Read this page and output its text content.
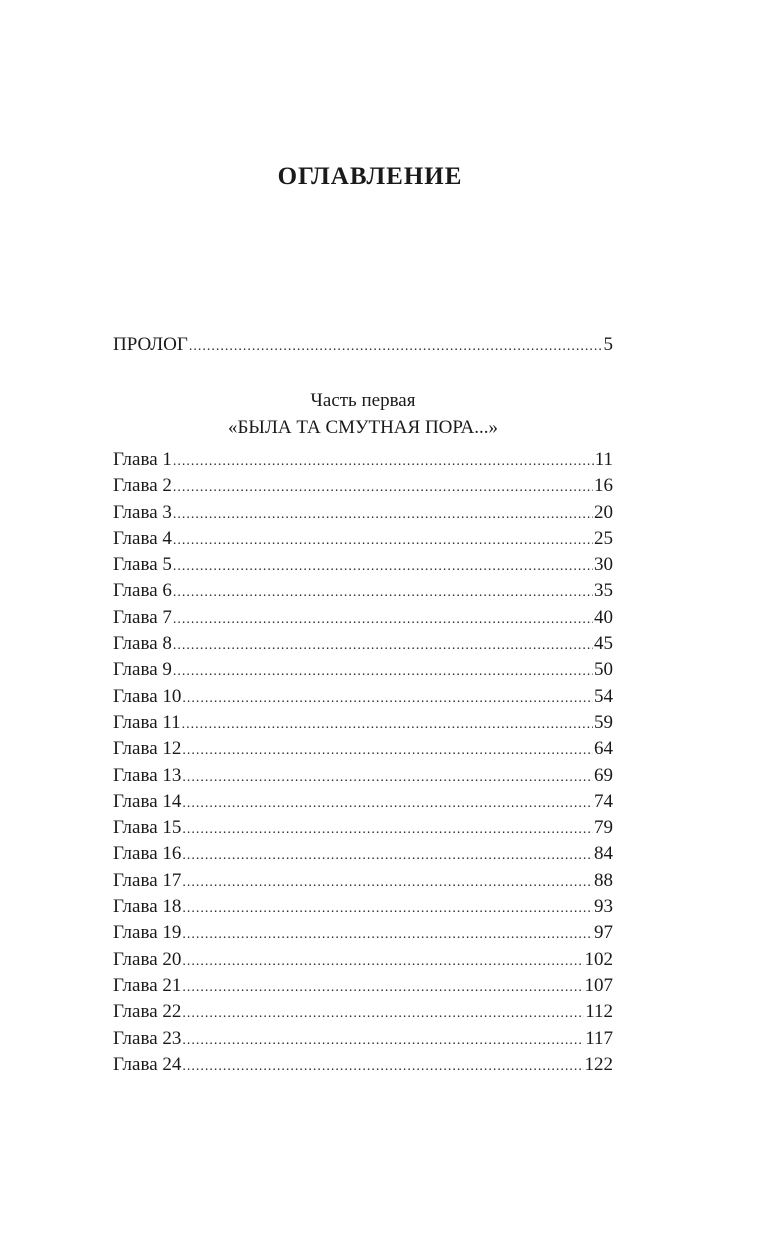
ОГЛАВЛЕНИЕ
ПРОЛОГ .....	5
Часть первая
«БЫЛА ТА СМУТНАЯ ПОРА...»
Глава 1 .....	11
Глава 2 .....	16
Глава 3 .....	20
Глава 4 .....	25
Глава 5 .....	30
Глава 6 .....	35
Глава 7 .....	40
Глава 8 .....	45
Глава 9 .....	50
Глава 10 .....	54
Глава 11 .....	59
Глава 12 .....	64
Глава 13 .....	69
Глава 14 .....	74
Глава 15 .....	79
Глава 16 .....	84
Глава 17 .....	88
Глава 18 .....	93
Глава 19 .....	97
Глава 20 .....	102
Глава 21 .....	107
Глава 22 .....	112
Глава 23 .....	117
Глава 24 .....	122
